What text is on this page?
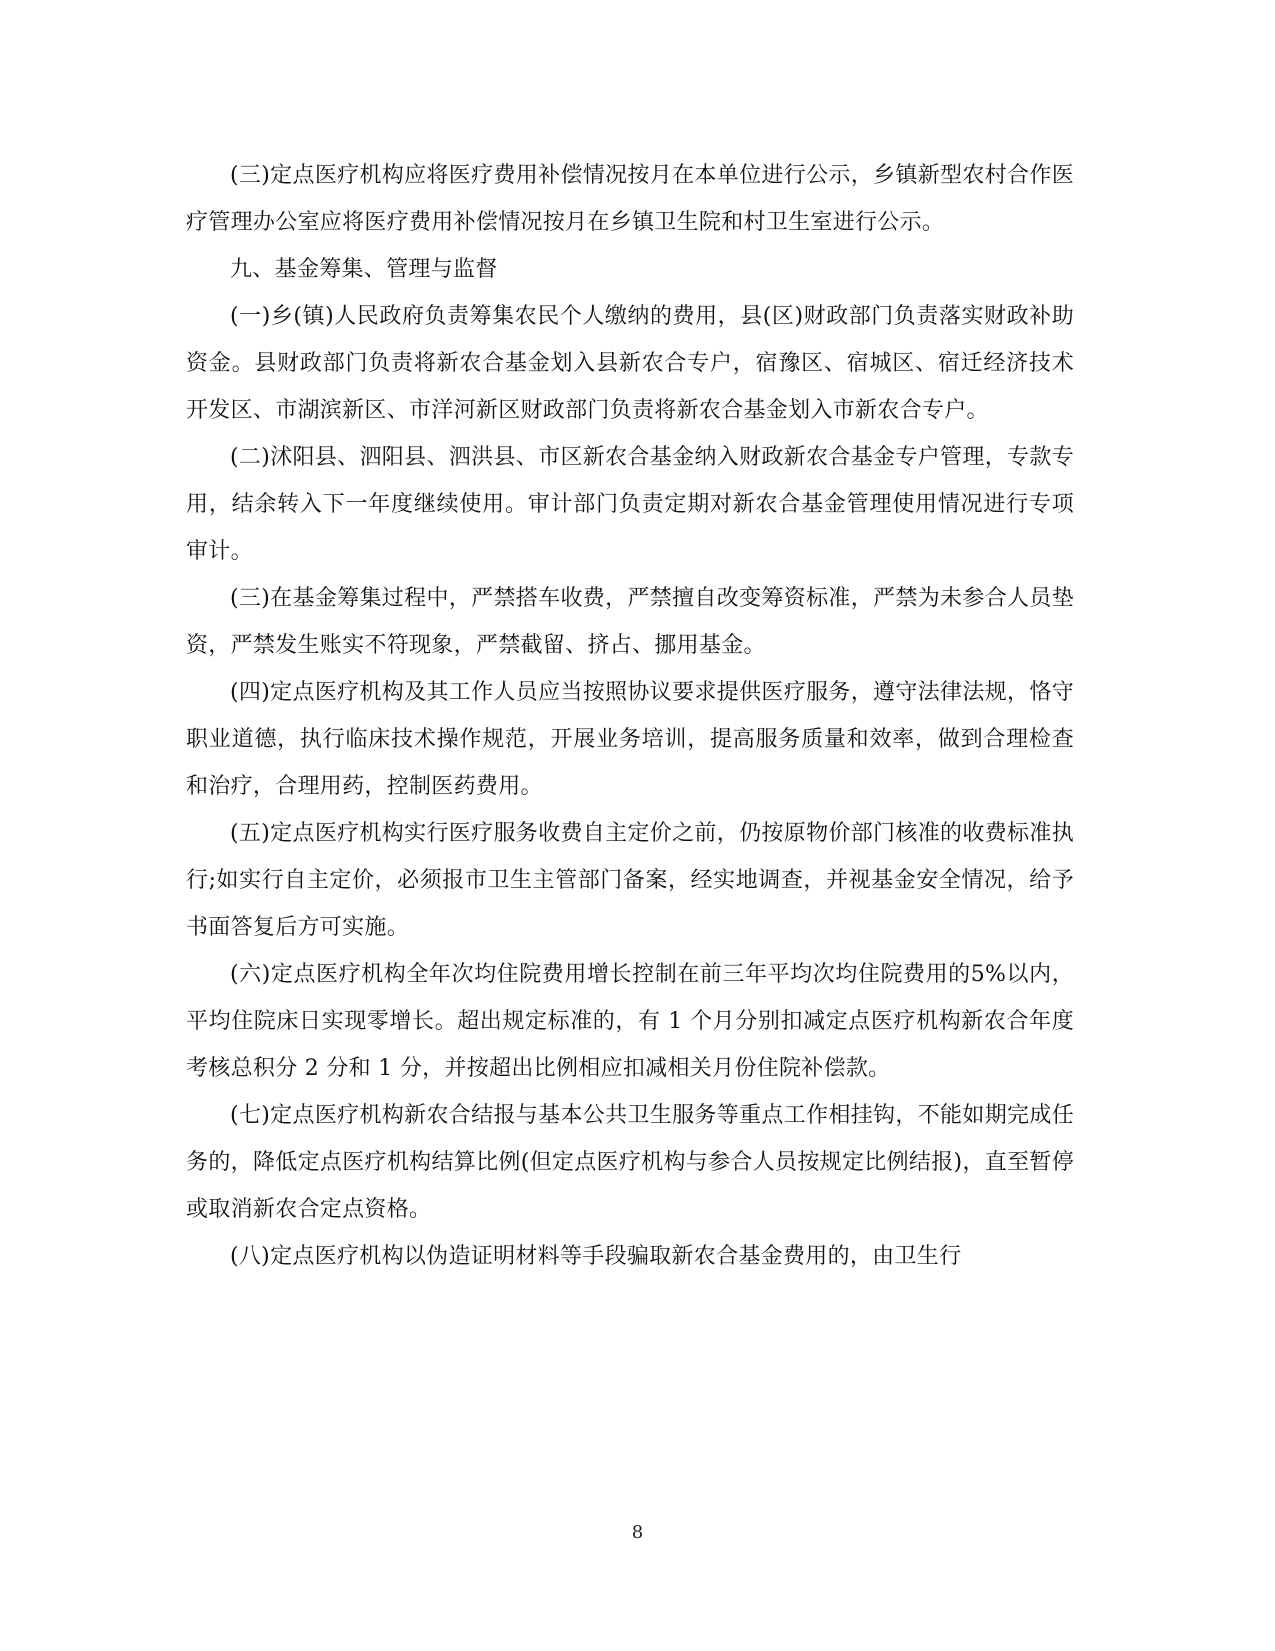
(三)定点医疗机构应将医疗费用补偿情况按月在本单位进行公示，乡镇新型农村合作医疗管理办公室应将医疗费用补偿情况按月在乡镇卫生院和村卫生室进行公示。

九、基金筹集、管理与监督

(一)乡(镇)人民政府负责筹集农民个人缴纳的费用，县(区)财政部门负责落实财政补助资金。县财政部门负责将新农合基金划入县新农合专户，宿豫区、宿城区、宿迁经济技术开发区、市湖滨新区、市洋河新区财政部门负责将新农合基金划入市新农合专户。

(二)沭阳县、泗阳县、泗洪县、市区新农合基金纳入财政新农合基金专户管理，专款专用，结余转入下一年度继续使用。审计部门负责定期对新农合基金管理使用情况进行专项审计。

(三)在基金筹集过程中，严禁搭车收费，严禁擅自改变筹资标准，严禁为未参合人员垫资，严禁发生账实不符现象，严禁截留、挤占、挪用基金。

(四)定点医疗机构及其工作人员应当按照协议要求提供医疗服务，遵守法律法规，恪守职业道德，执行临床技术操作规范，开展业务培训，提高服务质量和效率，做到合理检查和治疗，合理用药，控制医药费用。

(五)定点医疗机构实行医疗服务收费自主定价之前，仍按原物价部门核准的收费标准执行;如实行自主定价，必须报市卫生主管部门备案，经实地调查，并视基金安全情况，给予书面答复后方可实施。

(六)定点医疗机构全年次均住院费用增长控制在前三年平均次均住院费用的5%以内，平均住院床日实现零增长。超出规定标准的，有 1 个月分别扣减定点医疗机构新农合年度考核总积分 2 分和 1 分，并按超出比例相应扣减相关月份住院补偿款。

(七)定点医疗机构新农合结报与基本公共卫生服务等重点工作相挂钩，不能如期完成任务的，降低定点医疗机构结算比例(但定点医疗机构与参合人员按规定比例结报)，直至暂停或取消新农合定点资格。

(八)定点医疗机构以伪造证明材料等手段骗取新农合基金费用的，由卫生行

8
